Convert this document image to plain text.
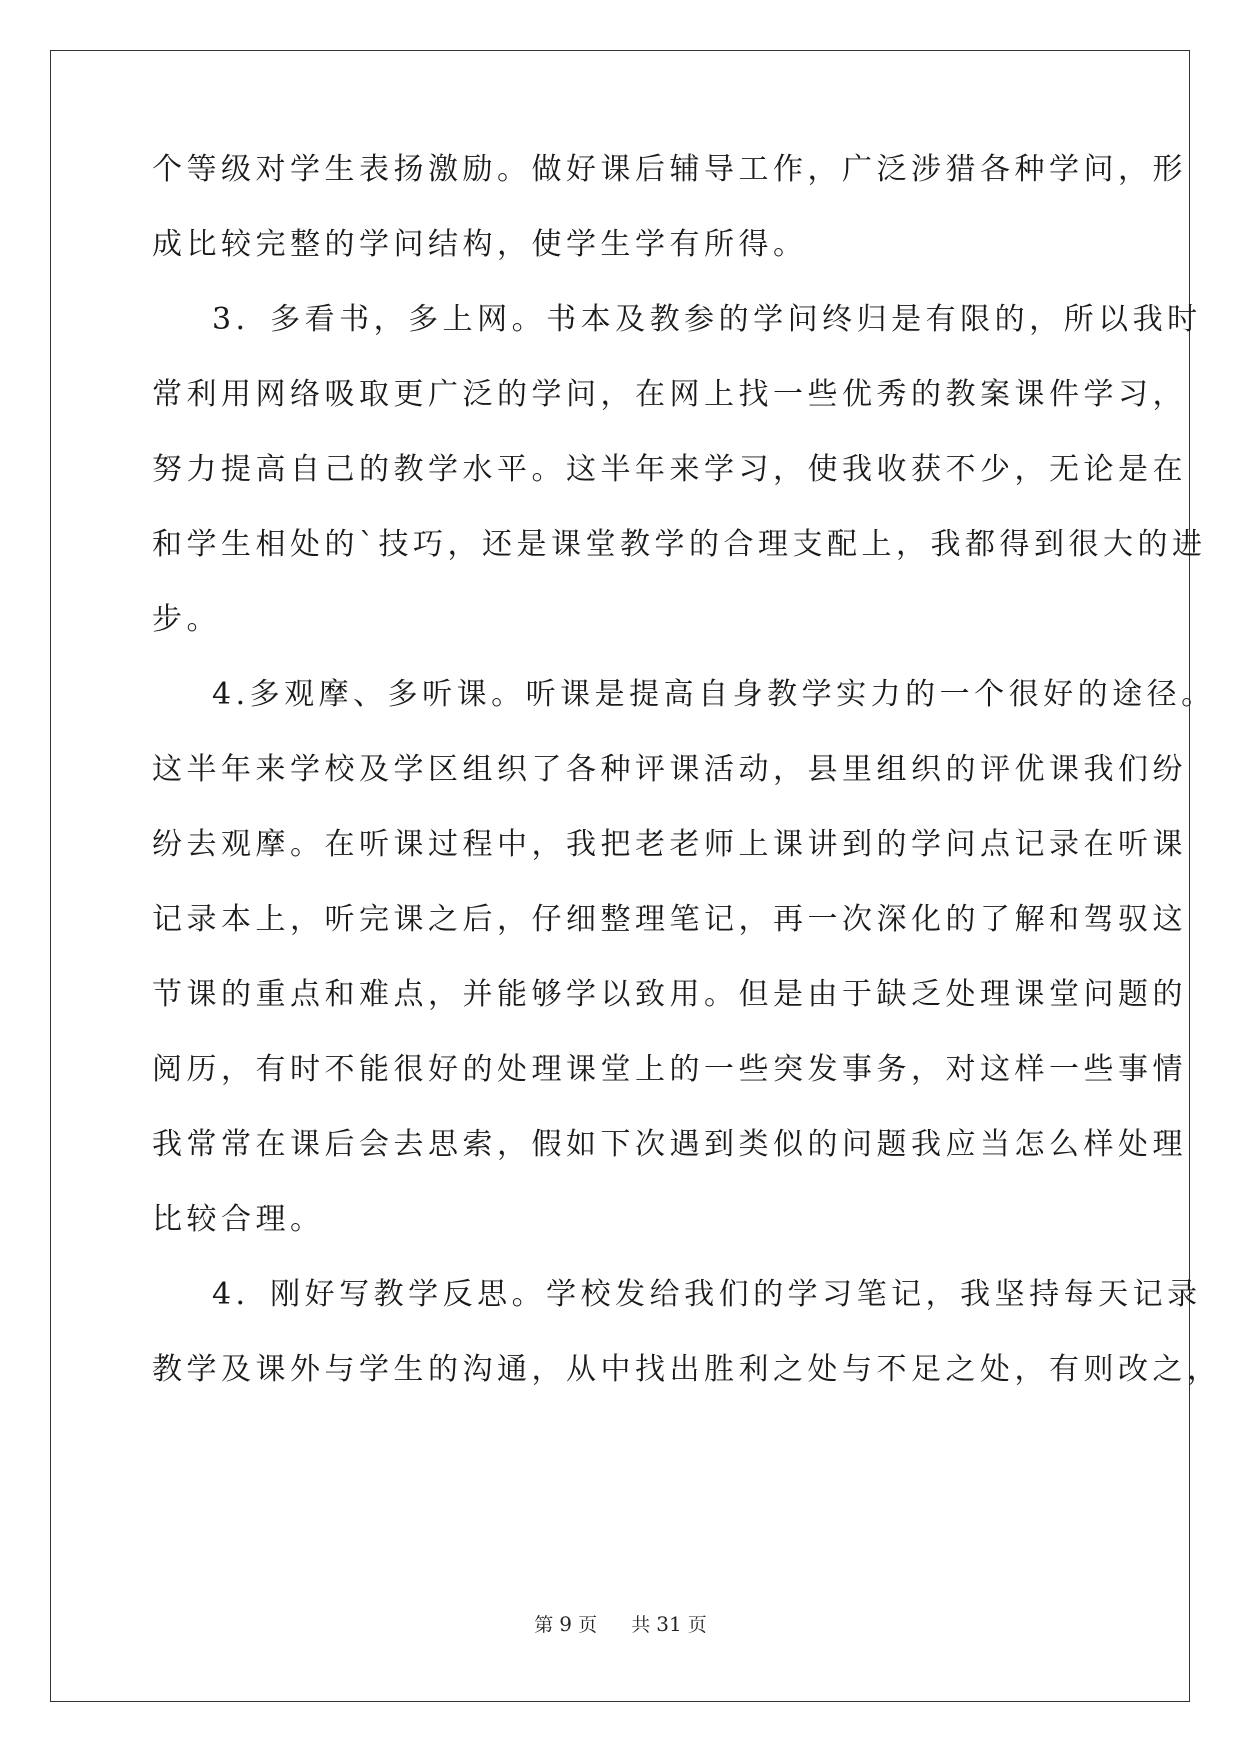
个等级对学生表扬激励。做好课后辅导工作，广泛涉猎各种学问，形
成比较完整的学问结构，使学生学有所得。
3．多看书，多上网。书本及教参的学问终归是有限的，所以我时
常利用网络吸取更广泛的学问，在网上找一些优秀的教案课件学习，
努力提高自己的教学水平。这半年来学习，使我收获不少，无论是在
和学生相处的`技巧，还是课堂教学的合理支配上，我都得到很大的进
步。
4.多观摩、多听课。听课是提高自身教学实力的一个很好的途径。
这半年来学校及学区组织了各种评课活动，县里组织的评优课我们纷
纷去观摩。在听课过程中，我把老老师上课讲到的学问点记录在听课
记录本上，听完课之后，仔细整理笔记，再一次深化的了解和驾驭这
节课的重点和难点，并能够学以致用。但是由于缺乏处理课堂问题的
阅历，有时不能很好的处理课堂上的一些突发事务，对这样一些事情
我常常在课后会去思索，假如下次遇到类似的问题我应当怎么样处理
比较合理。
4．刚好写教学反思。学校发给我们的学习笔记，我坚持每天记录
教学及课外与学生的沟通，从中找出胜利之处与不足之处，有则改之，
第 9 页 共 31 页
